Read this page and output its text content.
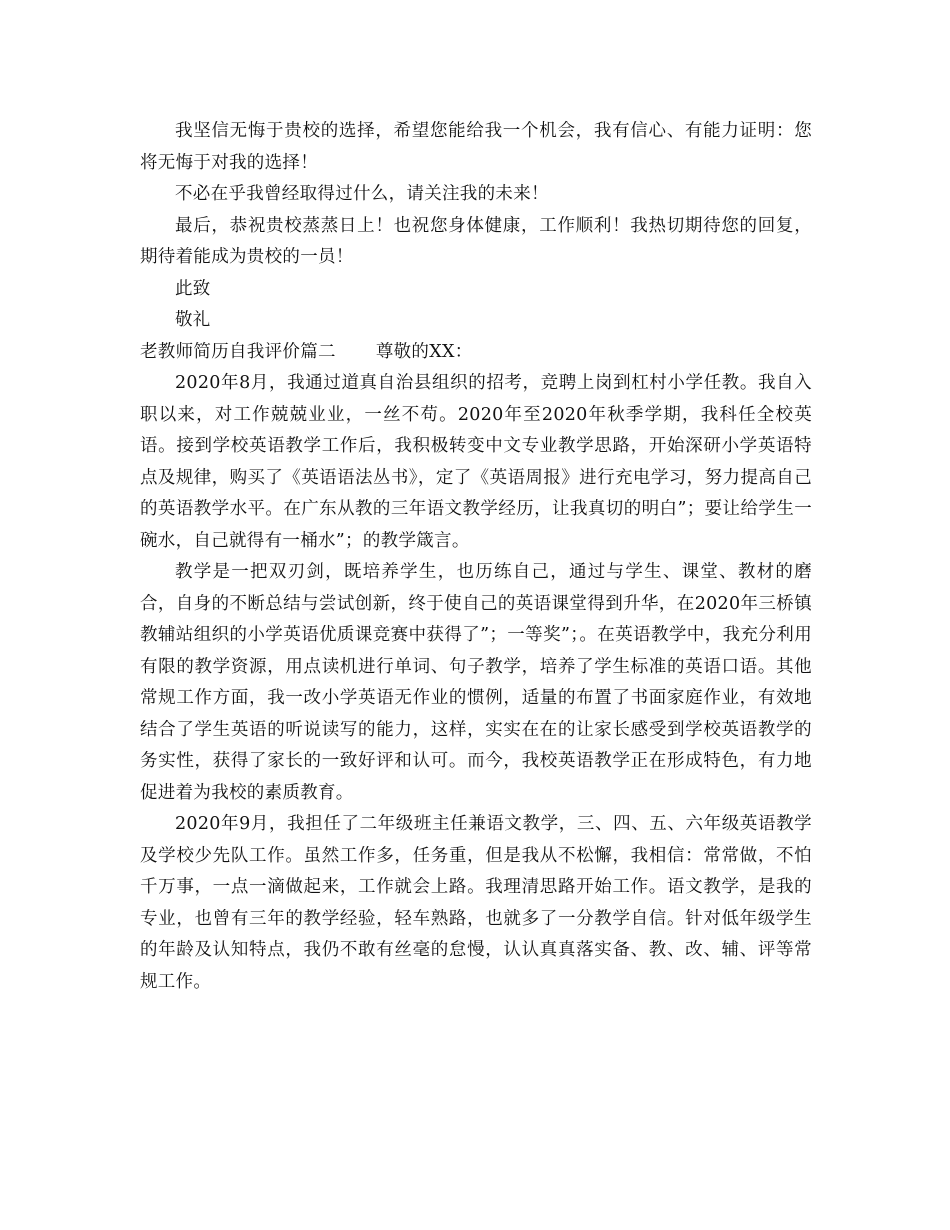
我坚信无悔于贵校的选择，希望您能给我一个机会，我有信心、有能力证明：您将无悔于对我的选择！

不必在乎我曾经取得过什么，请关注我的未来！

最后，恭祝贵校蒸蒸日上！也祝您身体健康，工作顺利！我热切期待您的回复，期待着能成为贵校的一员！

此致

敬礼

老教师简历自我评价篇二 尊敬的XX：

2020年8月，我通过道真自治县组织的招考，竞聘上岗到杠村小学任教。我自入职以来，对工作兢兢业业，一丝不苟。2020年至2020年秋季学期，我科任全校英语。接到学校英语教学工作后，我积极转变中文专业教学思路，开始深研小学英语特点及规律，购买了《英语语法丛书》，定了《英语周报》进行充电学习，努力提高自己的英语教学水平。在广东从教的三年语文教学经历，让我真切的明白”；要让给学生一碗水，自己就得有一桶水”；的教学箴言。

教学是一把双刃剑，既培养学生，也历练自己，通过与学生、课堂、教材的磨合，自身的不断总结与尝试创新，终于使自己的英语课堂得到升华，在2020年三桥镇教辅站组织的小学英语优质课竞赛中获得了”；一等奖”；。在英语教学中，我充分利用有限的教学资源，用点读机进行单词、句子教学，培养了学生标准的英语口语。其他常规工作方面，我一改小学英语无作业的惯例，适量的布置了书面家庭作业，有效地结合了学生英语的听说读写的能力，这样，实实在在的让家长感受到学校英语教学的务实性，获得了家长的一致好评和认可。而今，我校英语教学正在形成特色，有力地促进着为我校的素质教育。

2020年9月，我担任了二年级班主任兼语文教学，三、四、五、六年级英语教学及学校少先队工作。虽然工作多，任务重，但是我从不松懈，我相信：常常做，不怕千万事，一点一滴做起来，工作就会上路。我理清思路开始工作。语文教学，是我的专业，也曾有三年的教学经验，轻车熟路，也就多了一分教学自信。针对低年级学生的年龄及认知特点，我仍不敢有丝毫的怠慢，认认真真落实备、教、改、辅、评等常规工作。
